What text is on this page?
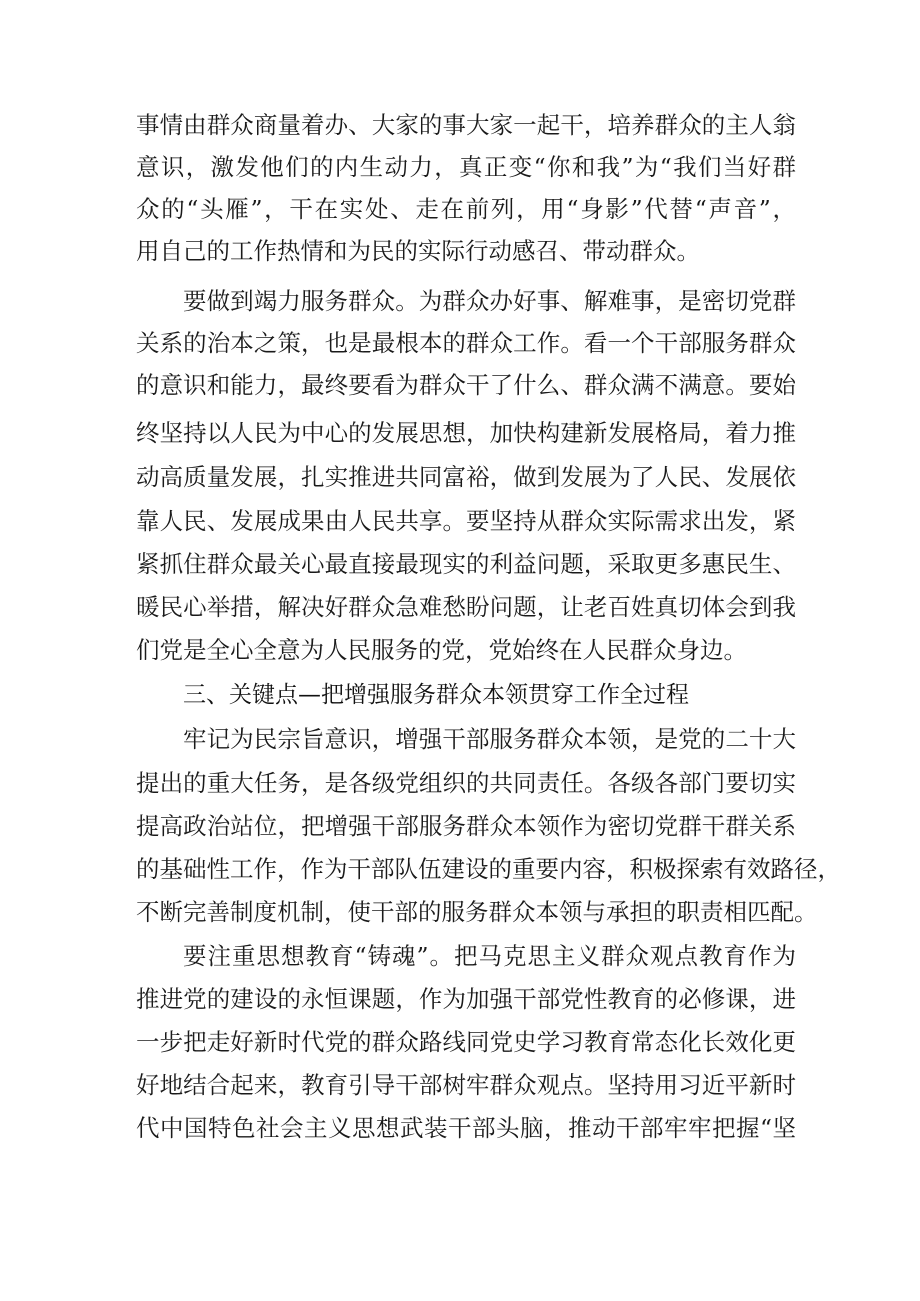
事情由群众商量着办、大家的事大家一起干，培养群众的主人翁
意识，激发他们的内生动力，真正变“你和我”为“我们当好群
众的“头雁”，干在实处、走在前列，用“身影”代替“声音”，
用自己的工作热情和为民的实际行动感召、带动群众。
要做到竭力服务群众。为群众办好事、解难事，是密切党群
关系的治本之策，也是最根本的群众工作。看一个干部服务群众
的意识和能力，最终要看为群众干了什么、群众满不满意。要始
终坚持以人民为中心的发展思想，加快构建新发展格局，着力推
动高质量发展，扎实推进共同富裕，做到发展为了人民、发展依
靠人民、发展成果由人民共享。要坚持从群众实际需求出发，紧
紧抓住群众最关心最直接最现实的利益问题，采取更多惠民生、
暖民心举措，解决好群众急难愁盼问题，让老百姓真切体会到我
们党是全心全意为人民服务的党，党始终在人民群众身边。
三、关键点—把增强服务群众本领贯穿工作全过程
牢记为民宗旨意识，增强干部服务群众本领，是党的二十大
提出的重大任务，是各级党组织的共同责任。各级各部门要切实
提高政治站位，把增强干部服务群众本领作为密切党群干群关系
的基础性工作，作为干部队伍建设的重要内容，积极探索有效路径，
不断完善制度机制，使干部的服务群众本领与承担的职责相匹配。
要注重思想教育“铸魂”。把马克思主义群众观点教育作为
推进党的建设的永恒课题，作为加强干部党性教育的必修课，进
一步把走好新时代党的群众路线同党史学习教育常态化长效化更
好地结合起来，教育引导干部树牢群众观点。坚持用习近平新时
代中国特色社会主义思想武装干部头脑，推动干部牢牢把握“坚
